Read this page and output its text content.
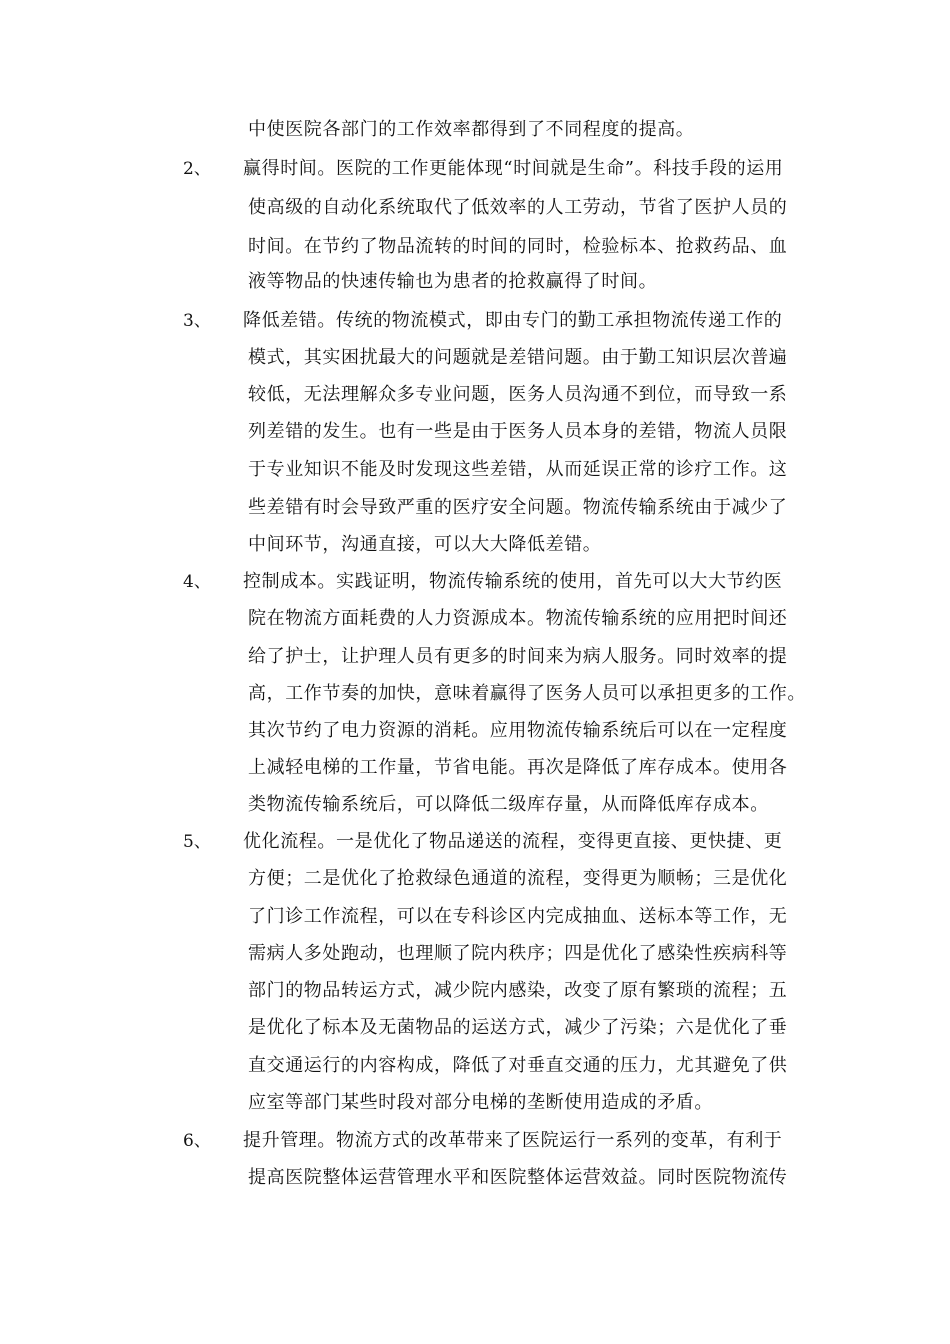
中使医院各部门的工作效率都得到了不同程度的提高。
2、 赢得时间。医院的工作更能体现“时间就是生命”。科技手段的运用
使高级的自动化系统取代了低效率的人工劳动，节省了医护人员的
时间。在节约了物品流转的时间的同时，检验标本、抢救药品、血
液等物品的快速传输也为患者的抢救赢得了时间。
3、 降低差错。传统的物流模式，即由专门的勤工承担物流传递工作的
模式，其实困扰最大的问题就是差错问题。由于勤工知识层次普遍
较低，无法理解众多专业问题，医务人员沟通不到位，而导致一系
列差错的发生。也有一些是由于医务人员本身的差错，物流人员限
于专业知识不能及时发现这些差错，从而延误正常的诊疗工作。这
些差错有时会导致严重的医疗安全问题。物流传输系统由于减少了
中间环节，沟通直接，可以大大降低差错。
4、 控制成本。实践证明，物流传输系统的使用，首先可以大大节约医
院在物流方面耗费的人力资源成本。物流传输系统的应用把时间还
给了护士，让护理人员有更多的时间来为病人服务。同时效率的提
高，工作节奏的加快，意味着赢得了医务人员可以承担更多的工作。
其次节约了电力资源的消耗。应用物流传输系统后可以在一定程度
上减轻电梯的工作量，节省电能。再次是降低了库存成本。使用各
类物流传输系统后，可以降低二级库存量，从而降低库存成本。
5、 优化流程。一是优化了物品递送的流程，变得更直接、更快捷、更
方便；二是优化了抢救绿色通道的流程，变得更为顺畅；三是优化
了门诊工作流程，可以在专科诊区内完成抽血、送标本等工作，无
需病人多处跑动，也理顺了院内秩序；四是优化了感染性疾病科等
部门的物品转运方式，减少院内感染，改变了原有繁琐的流程；五
是优化了标本及无菌物品的运送方式，减少了污染；六是优化了垂
直交通运行的内容构成，降低了对垂直交通的压力，尤其避免了供
应室等部门某些时段对部分电梯的垄断使用造成的矛盾。
6、 提升管理。物流方式的改革带来了医院运行一系列的变革，有利于
提高医院整体运营管理水平和医院整体运营效益。同时医院物流传
